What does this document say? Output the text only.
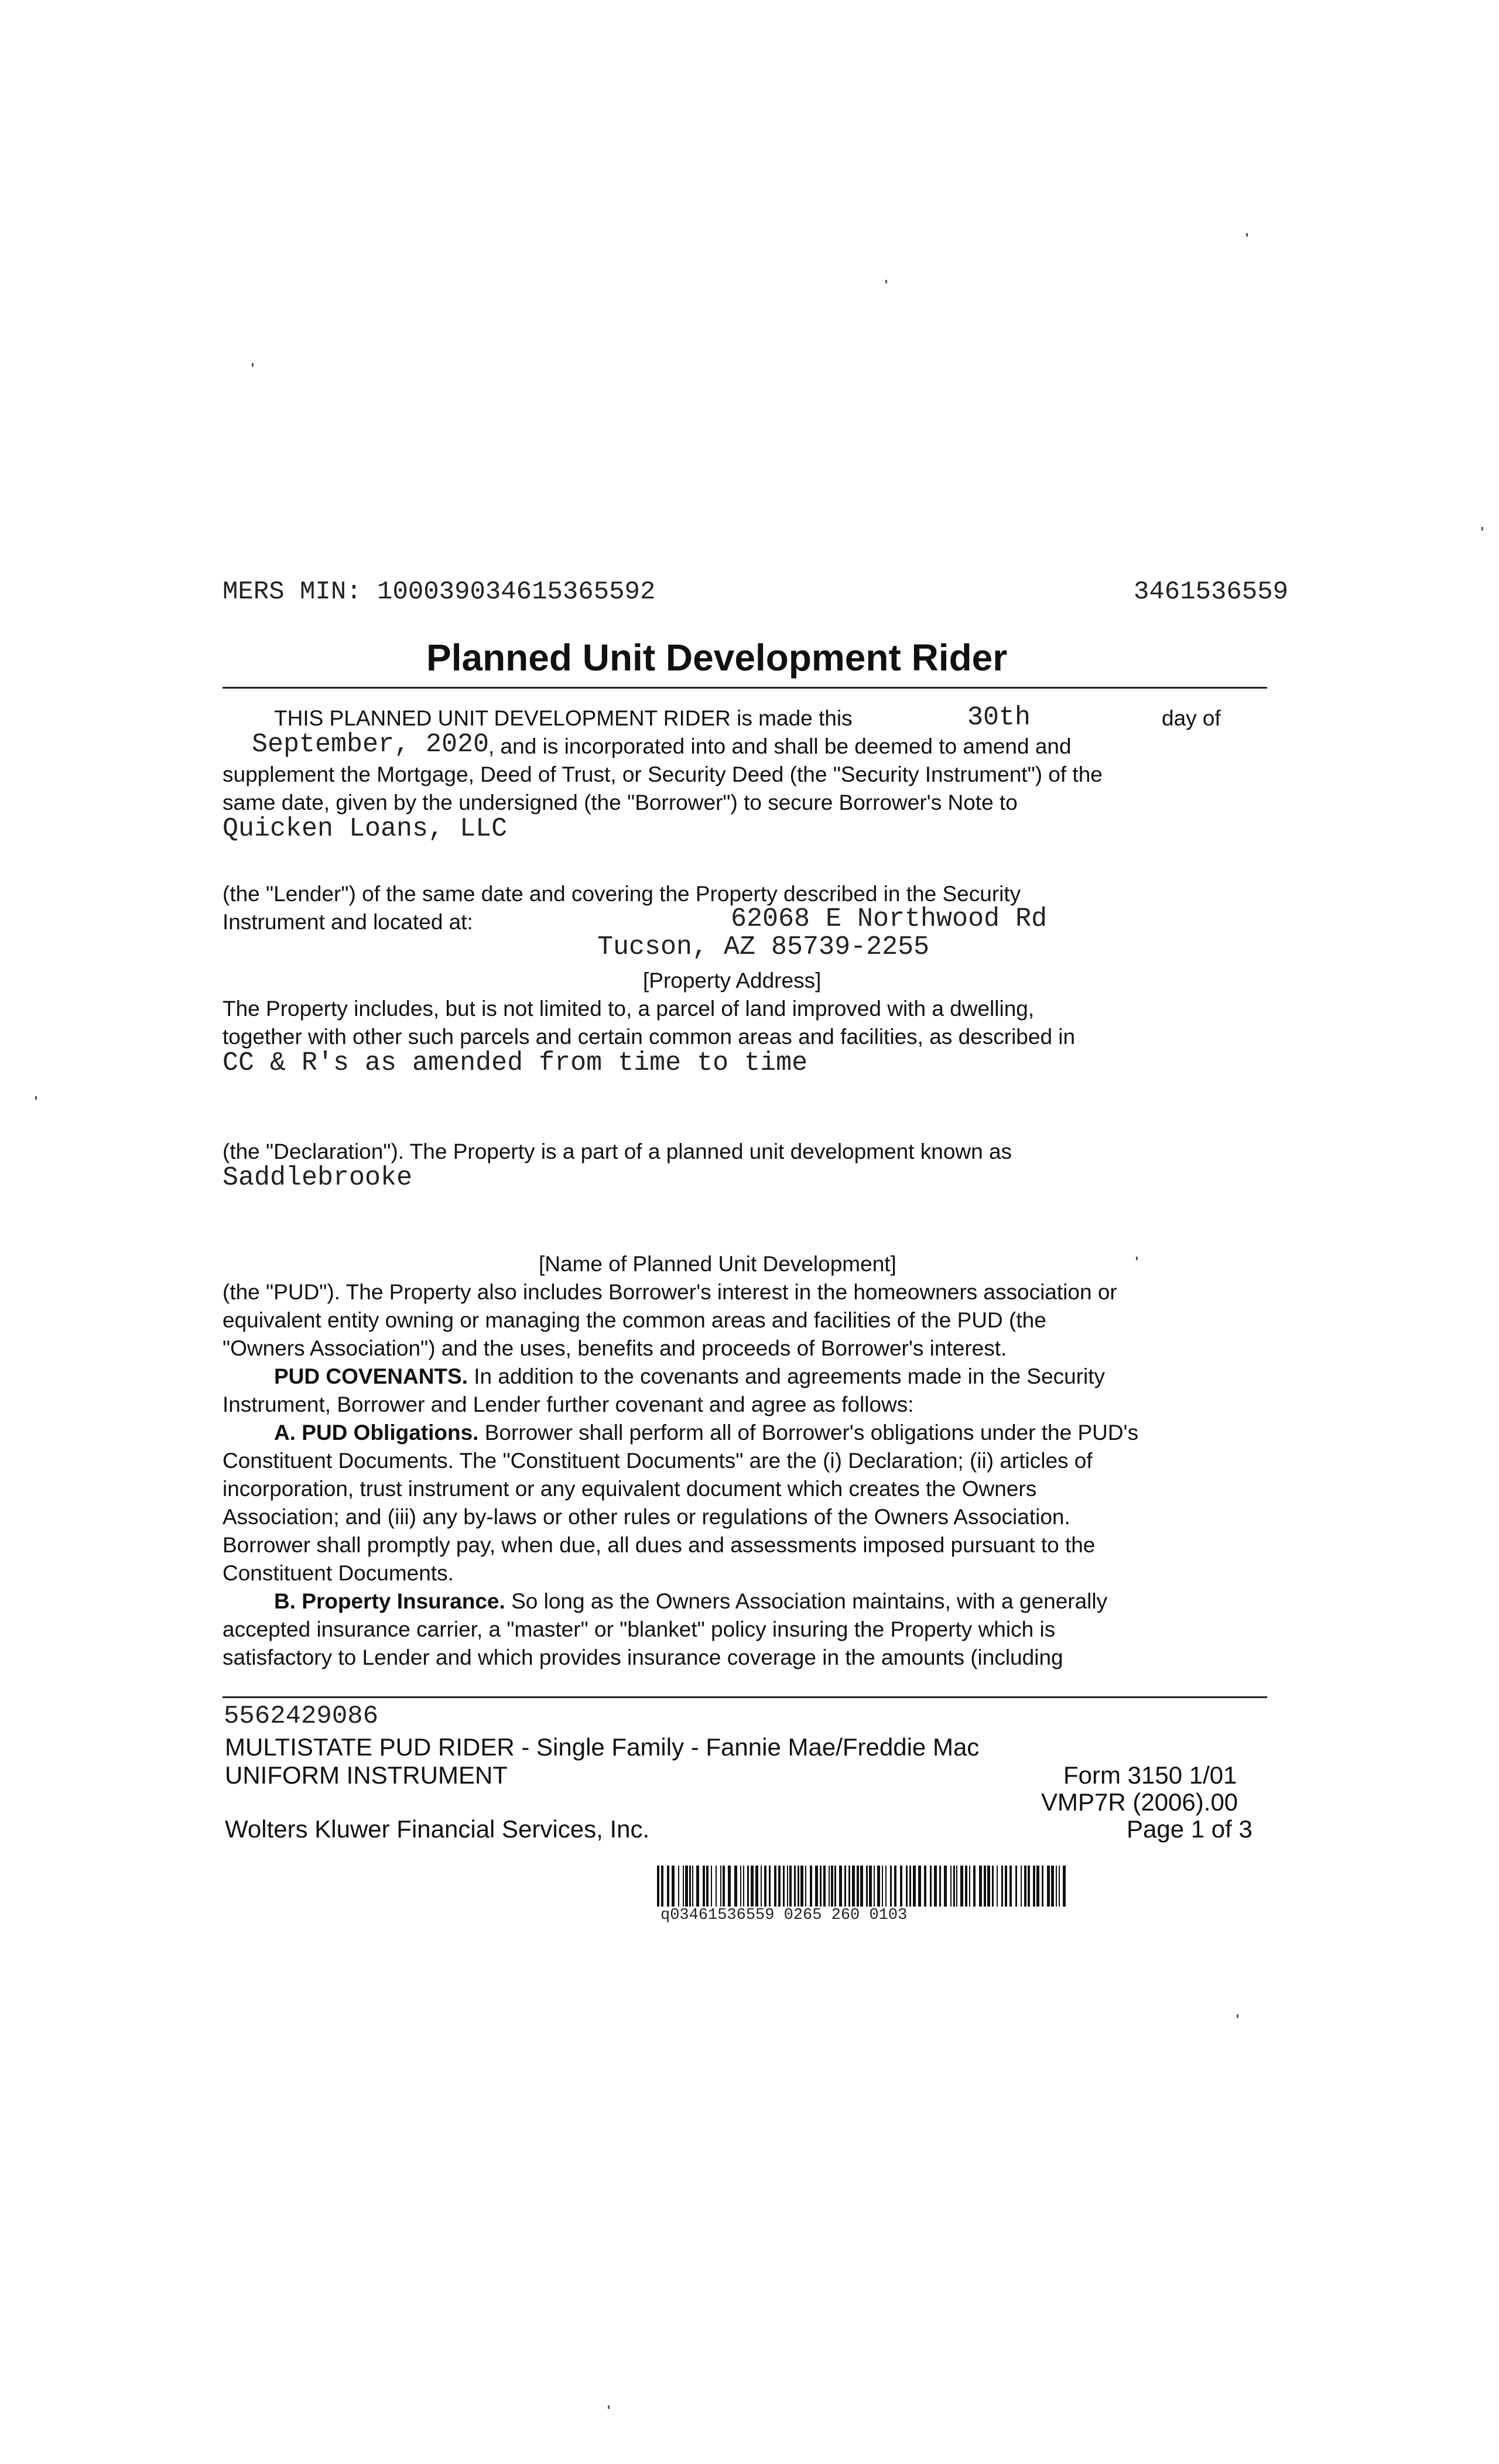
MERS MIN: 100039034615365592	3461536559
Planned Unit Development Rider
THIS PLANNED UNIT DEVELOPMENT RIDER is made this	30th	day of
September, 2020
, and is incorporated into and shall be deemed to amend and
supplement the Mortgage, Deed of Trust, or Security Deed (the "Security Instrument") of the
same date, given by the undersigned (the "Borrower") to secure Borrower's Note to
Quicken Loans, LLC
(the "Lender") of the same date and covering the Property described in the Security
Instrument and located at:	62068 E Northwood Rd
Tucson, AZ 85739-2255
[Property Address]
The Property includes, but is not limited to, a parcel of land improved with a dwelling,
together with other such parcels and certain common areas and facilities, as described in
CC & R's as amended from time to time
(the "Declaration"). The Property is a part of a planned unit development known as
Saddlebrooke
[Name of Planned Unit Development]
(the "PUD"). The Property also includes Borrower's interest in the homeowners association or
equivalent entity owning or managing the common areas and facilities of the PUD (the
"Owners Association") and the uses, benefits and proceeds of Borrower's interest.
PUD COVENANTS. In addition to the covenants and agreements made in the Security
Instrument, Borrower and Lender further covenant and agree as follows:
A. PUD Obligations. Borrower shall perform all of Borrower's obligations under the PUD's
Constituent Documents. The "Constituent Documents" are the (i) Declaration; (ii) articles of
incorporation, trust instrument or any equivalent document which creates the Owners
Association; and (iii) any by-laws or other rules or regulations of the Owners Association.
Borrower shall promptly pay, when due, all dues and assessments imposed pursuant to the
Constituent Documents.
B. Property Insurance. So long as the Owners Association maintains, with a generally
accepted insurance carrier, a "master" or "blanket" policy insuring the Property which is
satisfactory to Lender and which provides insurance coverage in the amounts (including
5562429086
MULTISTATE PUD RIDER - Single Family - Fannie Mae/Freddie Mac
UNIFORM INSTRUMENT	Form 3150 1/01
VMP7R (2006).00
Wolters Kluwer Financial Services, Inc.	Page 1 of 3
q03461536559 0265 260 0103
